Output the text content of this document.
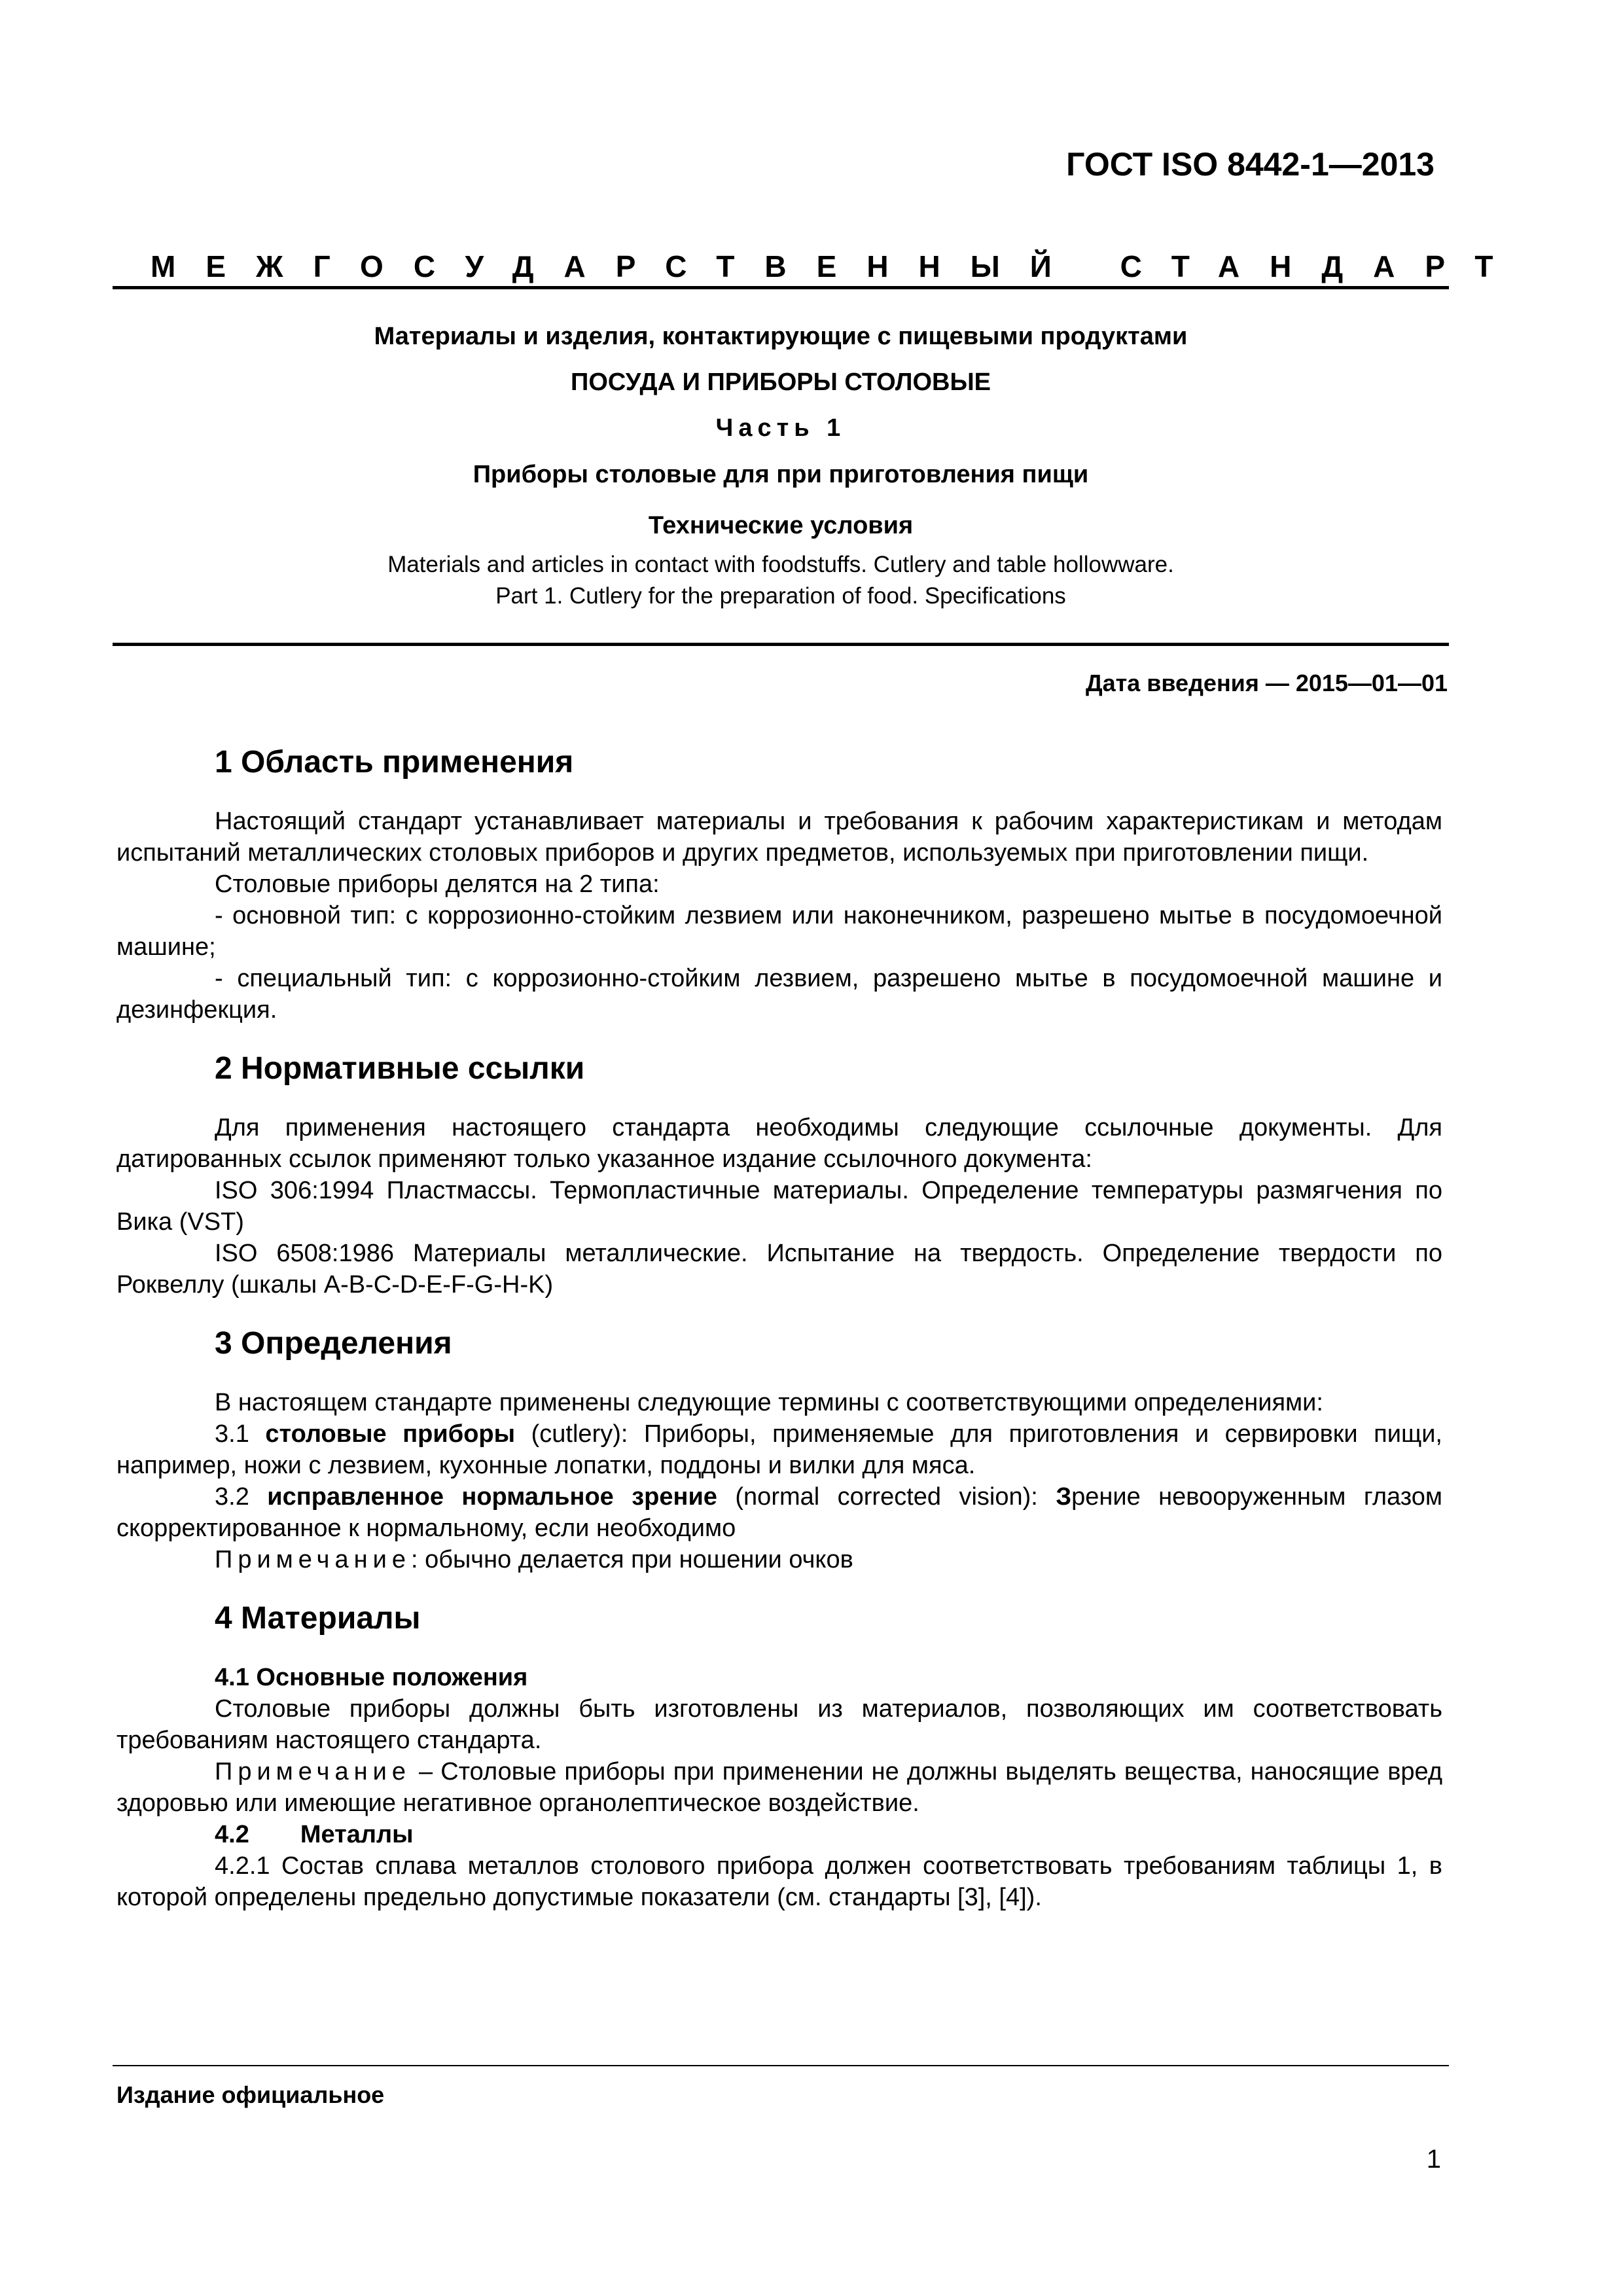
ГОСТ ISO 8442-1—2013
МЕЖГОСУДАРСТВЕННЫЙ СТАНДАРТ
Материалы и изделия, контактирующие с пищевыми продуктами
ПОСУДА И ПРИБОРЫ СТОЛОВЫЕ
Часть 1
Приборы столовые для при приготовления пищи
Технические условия
Materials and articles in contact with foodstuffs. Cutlery and table hollowware.
Part 1. Cutlery for the preparation of food. Specifications
Дата введения — 2015—01—01
1 Область применения

Настоящий стандарт устанавливает материалы и требования к рабочим характеристикам и методам испытаний металлических столовых приборов и других предметов, используемых при приготовлении пищи.

Столовые приборы делятся на 2 типа:

- основной тип: с коррозионно-стойким лезвием или наконечником, разрешено мытье в посудомоечной машине;

- специальный тип: с коррозионно-стойким лезвием, разрешено мытье в посудомоечной машине и дезинфекция.

2 Нормативные ссылки

Для применения настоящего стандарта необходимы следующие ссылочные документы. Для датированных ссылок применяют только указанное издание ссылочного документа:

ISO 306:1994 Пластмассы. Термопластичные материалы. Определение температуры размягчения по Вика (VST)

ISO 6508:1986 Материалы металлические. Испытание на твердость. Определение твердости по Роквеллу (шкалы A-B-C-D-E-F-G-H-K)

3 Определения

В настоящем стандарте применены следующие термины с соответствующими определениями:

3.1 столовые приборы (cutlery): Приборы, применяемые для приготовления и сервировки пищи, например, ножи с лезвием, кухонные лопатки, поддоны и вилки для мяса.

3.2 исправленное нормальное зрение (normal corrected vision): Зрение невооруженным глазом скорректированное к нормальному, если необходимо

Примечание: обычно делается при ношении очков

4 Материалы
4.1 Основные положения

Столовые приборы должны быть изготовлены из материалов, позволяющих им соответствовать требованиям настоящего стандарта.

Примечание – Столовые приборы при применении не должны выделять вещества, наносящие вред здоровью или имеющие негативное органолептическое воздействие.

4.2 Металлы

4.2.1 Состав сплава металлов столового прибора должен соответствовать требованиям таблицы 1, в которой определены предельно допустимые показатели (см. стандарты [3], [4]).

Издание официальное
1
